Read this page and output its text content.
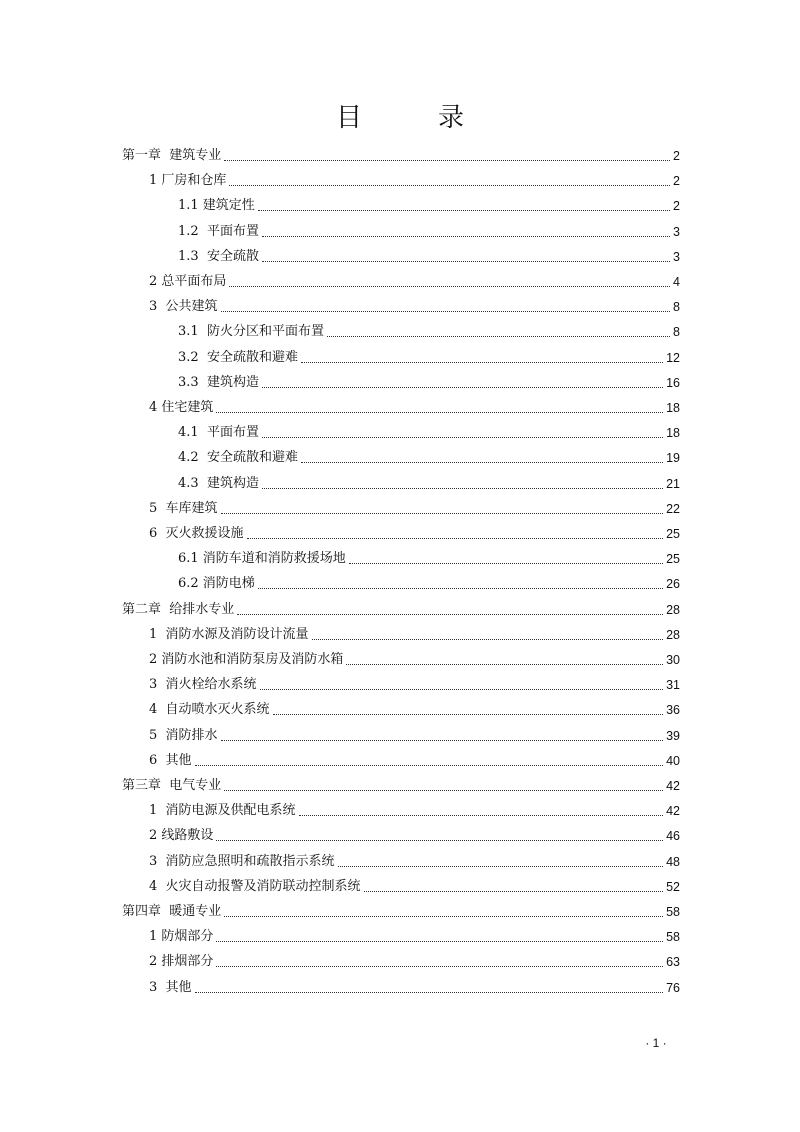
目录
第一章  建筑专业	2
1 厂房和仓库	2
1.1 建筑定性	2
1.2  平面布置	3
1.3  安全疏散	3
2 总平面布局	4
3  公共建筑	8
3.1  防火分区和平面布置	8
3.2  安全疏散和避难	12
3.3  建筑构造	16
4 住宅建筑	18
4.1  平面布置	18
4.2  安全疏散和避难	19
4.3  建筑构造	21
5  车库建筑	22
6  灭火救援设施	25
6.1 消防车道和消防救援场地	25
6.2 消防电梯	26
第二章  给排水专业	28
1  消防水源及消防设计流量	28
2 消防水池和消防泵房及消防水箱	30
3  消火栓给水系统	31
4  自动喷水灭火系统	36
5  消防排水	39
6  其他	40
第三章  电气专业	42
1  消防电源及供配电系统	42
2 线路敷设	46
3  消防应急照明和疏散指示系统	48
4  火灾自动报警及消防联动控制系统	52
第四章  暖通专业	58
1 防烟部分	58
2 排烟部分	63
3  其他	76
· 1 ·
